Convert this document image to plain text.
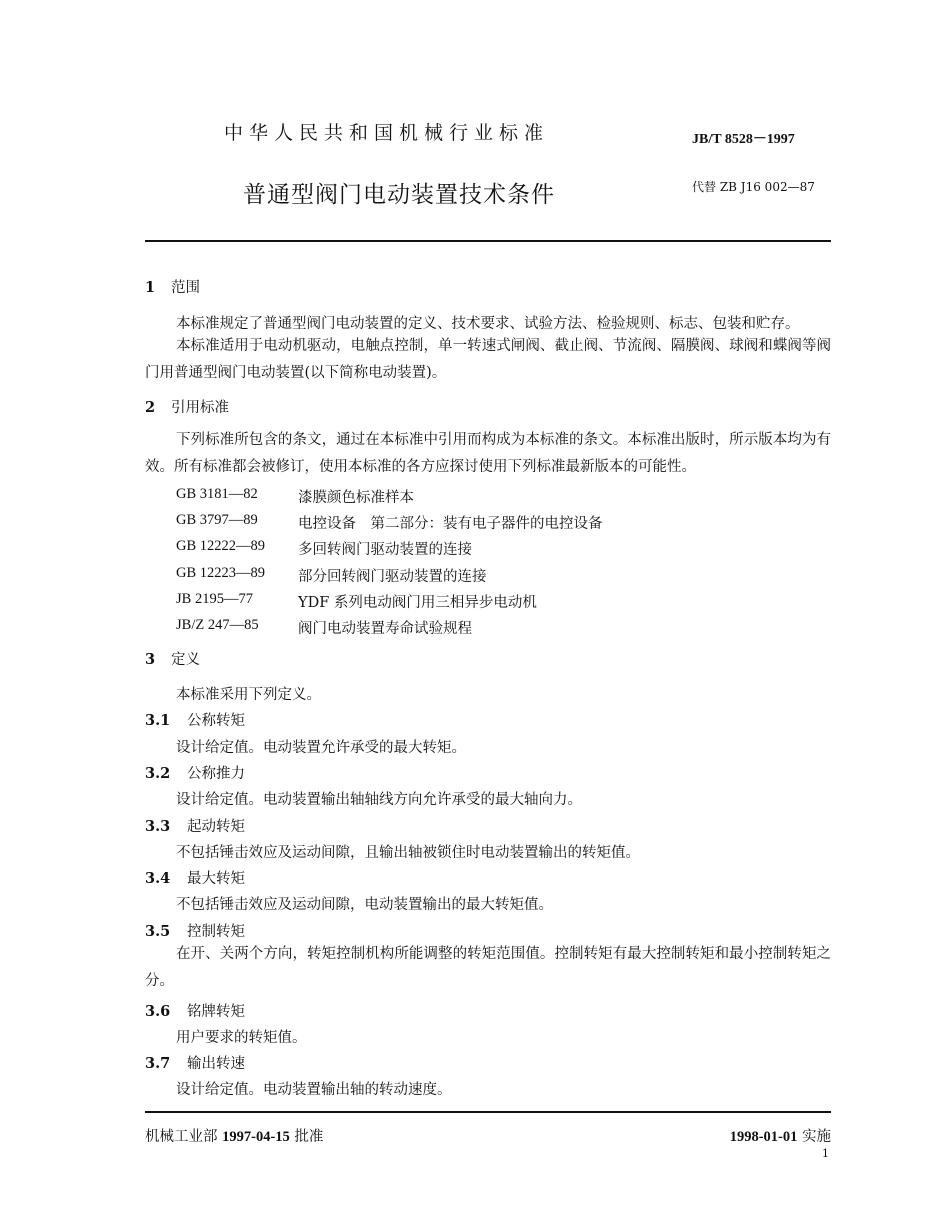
中华人民共和国机械行业标准	JB/T 8528－1997
普通型阀门电动装置技术条件	代替 ZB J16 002—87
1 范围
本标准规定了普通型阀门电动装置的定义、技术要求、试验方法、检验规则、标志、包装和贮存。
本标准适用于电动机驱动，电触点控制，单一转速式闸阀、截止阀、节流阀、隔膜阀、球阀和蝶阀等阀门用普通型阀门电动装置(以下简称电动装置)。
2 引用标准
下列标准所包含的条文，通过在本标准中引用而构成为本标准的条文。本标准出版时，所示版本均为有效。所有标准都会被修订，使用本标准的各方应探讨使用下列标准最新版本的可能性。
GB 3181—82	漆膜颜色标准样本
GB 3797—89	电控设备　第二部分：装有电子器件的电控设备
GB 12222—89 多回转阀门驱动装置的连接
GB 12223—89 部分回转阀门驱动装置的连接
JB 2195—77	YDF 系列电动阀门用三相异步电动机
JB/Z 247—85	阀门电动装置寿命试验规程
3 定义
本标准采用下列定义。
3.1 公称转矩
设计给定值。电动装置允许承受的最大转矩。
3.2 公称推力
设计给定值。电动装置输出轴轴线方向允许承受的最大轴向力。
3.3 起动转矩
不包括锤击效应及运动间隙，且输出轴被锁住时电动装置输出的转矩值。
3.4 最大转矩
不包括锤击效应及运动间隙，电动装置输出的最大转矩值。
3.5 控制转矩
在开、关两个方向，转矩控制机构所能调整的转矩范围值。控制转矩有最大控制转矩和最小控制转矩之分。
3.6 铭牌转矩
用户要求的转矩值。
3.7 输出转速
设计给定值。电动装置输出轴的转动速度。
机械工业部 1997-04-15 批准	1998-01-01 实施
1
